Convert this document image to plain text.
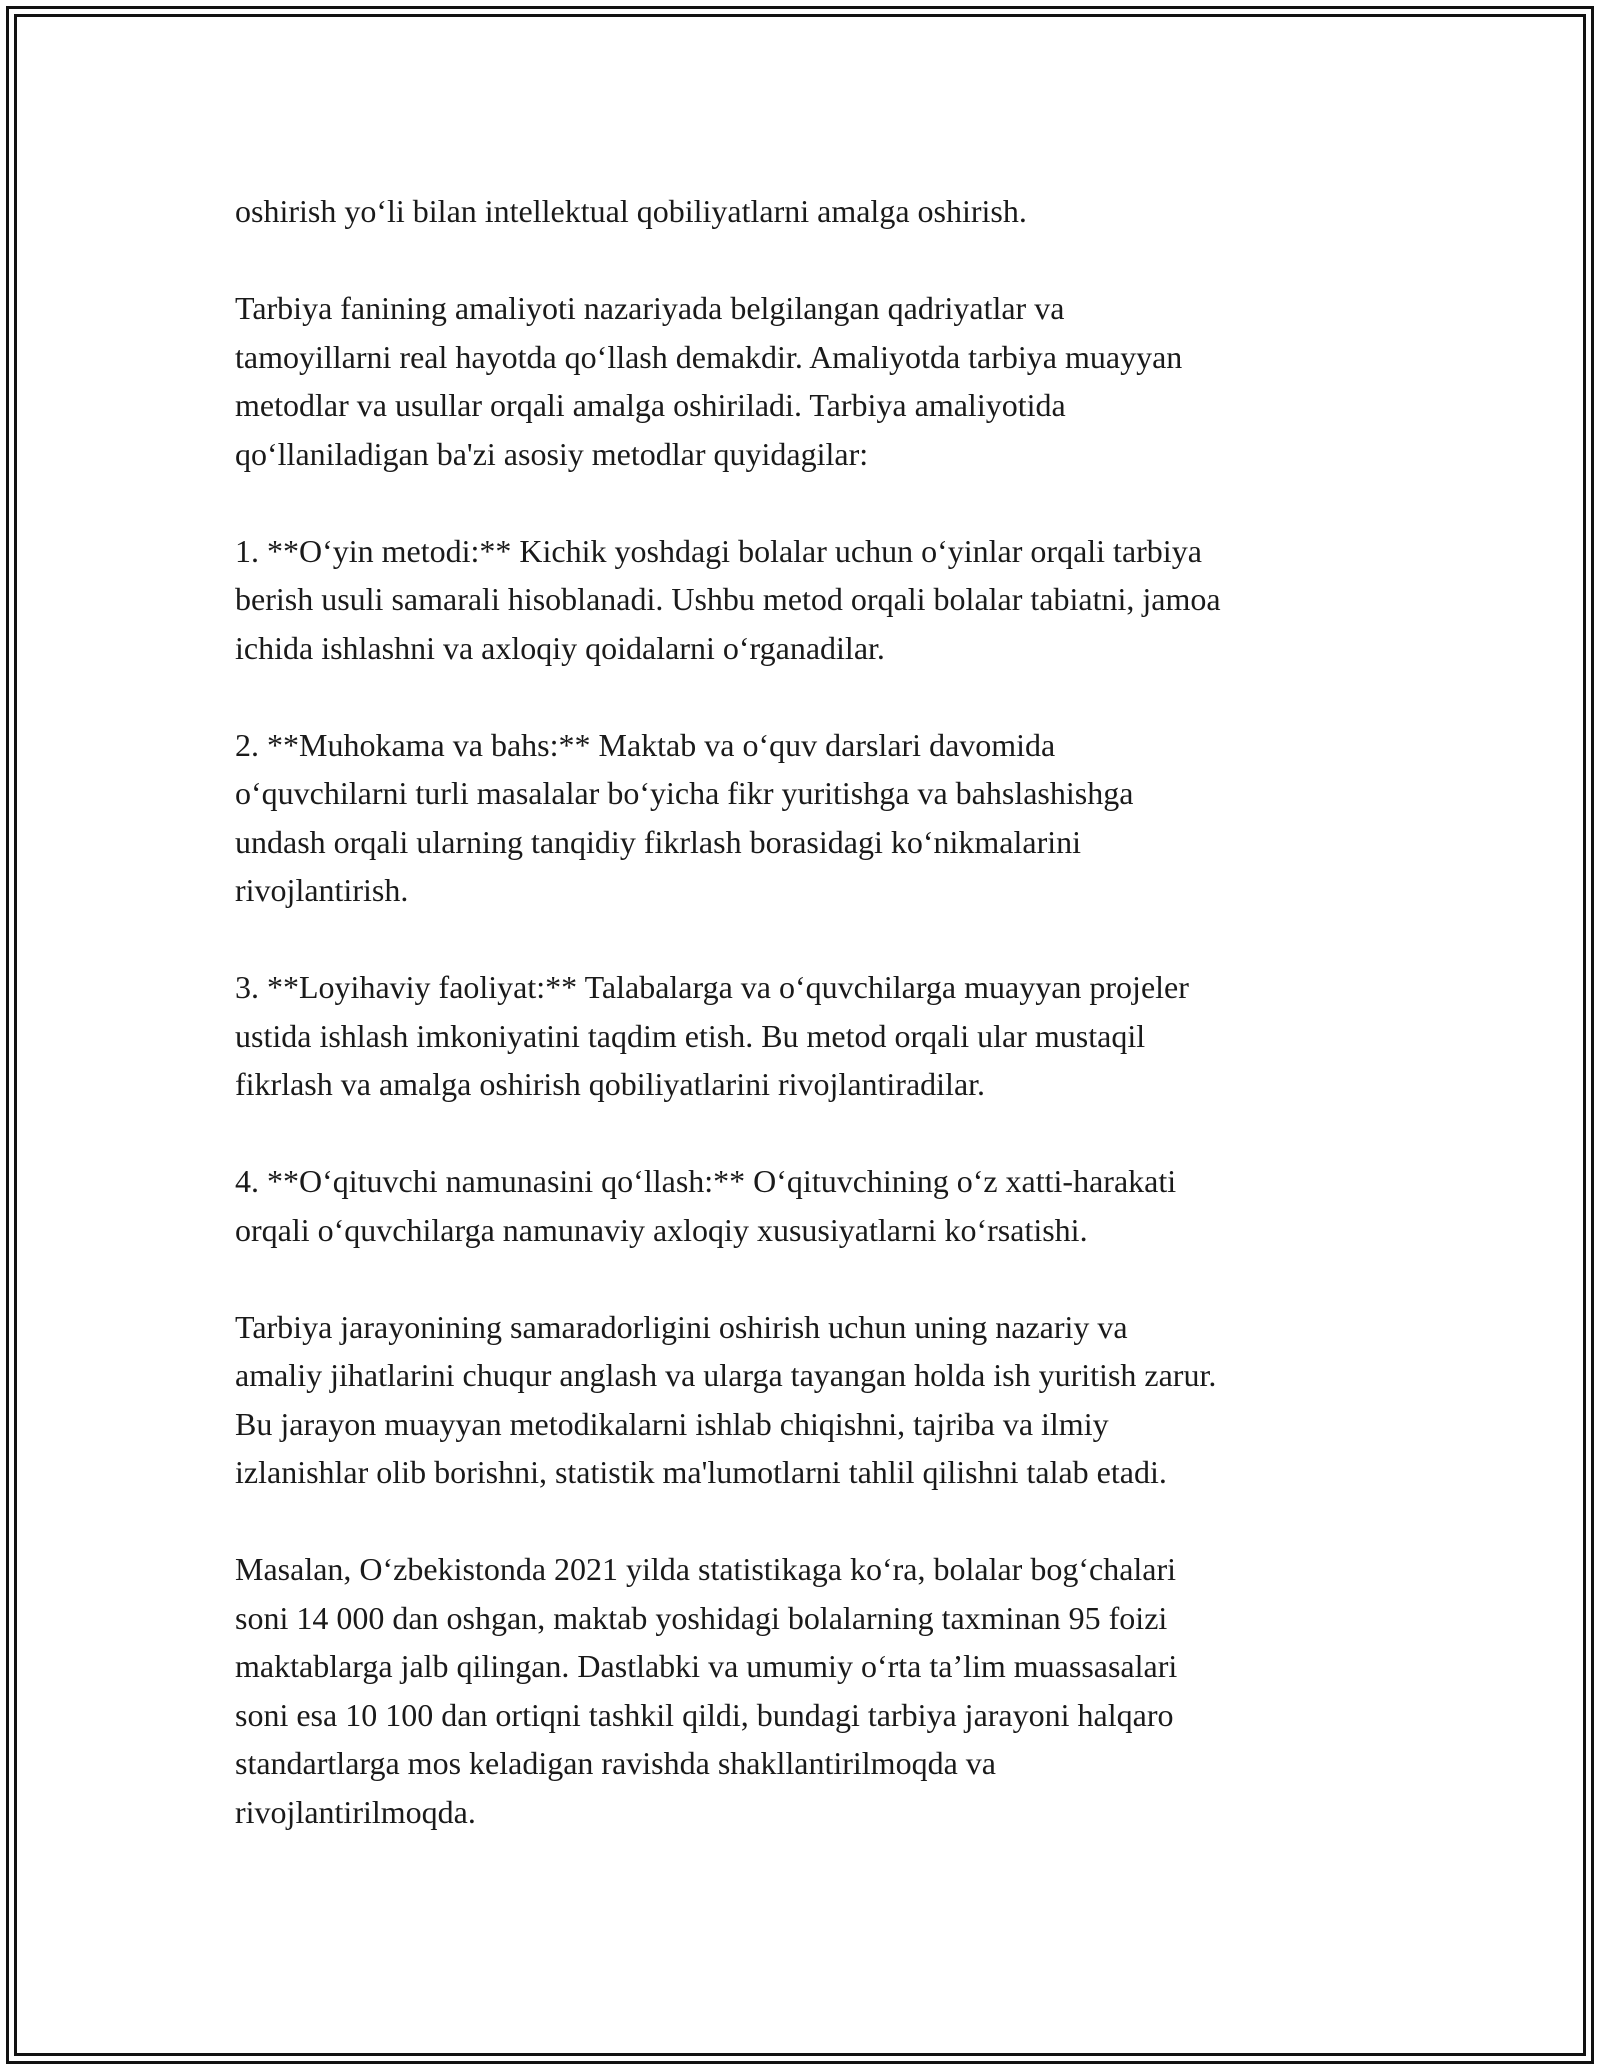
oshirish yo‘li bilan intellektual qobiliyatlarni amalga oshirish.

Tarbiya fanining amaliyoti nazariyada belgilangan qadriyatlar va
tamoyillarni real hayotda qo‘llash demakdir. Amaliyotda tarbiya muayyan
metodlar va usullar orqali amalga oshiriladi. Tarbiya amaliyotida
qo‘llaniladigan ba'zi asosiy metodlar quyidagilar:

1. **O‘yin metodi:** Kichik yoshdagi bolalar uchun o‘yinlar orqali tarbiya
berish usuli samarali hisoblanadi. Ushbu metod orqali bolalar tabiatni, jamoa
ichida ishlashni va axloqiy qoidalarni o‘rganadilar.

2. **Muhokama va bahs:** Maktab va o‘quv darslari davomida
o‘quvchilarni turli masalalar bo‘yicha fikr yuritishga va bahslashishga
undash orqali ularning tanqidiy fikrlash borasidagi ko‘nikmalarini
rivojlantirish.

3. **Loyihaviy faoliyat:** Talabalarga va o‘quvchilarga muayyan projeler
ustida ishlash imkoniyatini taqdim etish. Bu metod orqali ular mustaqil
fikrlash va amalga oshirish qobiliyatlarini rivojlantiradilar.

4. **O‘qituvchi namunasini qo‘llash:** O‘qituvchining o‘z xatti-harakati
orqali o‘quvchilarga namunaviy axloqiy xususiyatlarni ko‘rsatishi.

Tarbiya jarayonining samaradorligini oshirish uchun uning nazariy va
amaliy jihatlarini chuqur anglash va ularga tayangan holda ish yuritish zarur.
Bu jarayon muayyan metodikalarni ishlab chiqishni, tajriba va ilmiy
izlanishlar olib borishni, statistik ma'lumotlarni tahlil qilishni talab etadi.

Masalan, O‘zbekistonda 2021 yilda statistikaga ko‘ra, bolalar bog‘chalari
soni 14 000 dan oshgan, maktab yoshidagi bolalarning taxminan 95 foizi
maktablarga jalb qilingan. Dastlabki va umumiy o‘rta ta’lim muassasalari
soni esa 10 100 dan ortiqni tashkil qildi, bundagi tarbiya jarayoni halqaro
standartlarga mos keladigan ravishda shakllantirilmoqda va
rivojlantirilmoqda.
